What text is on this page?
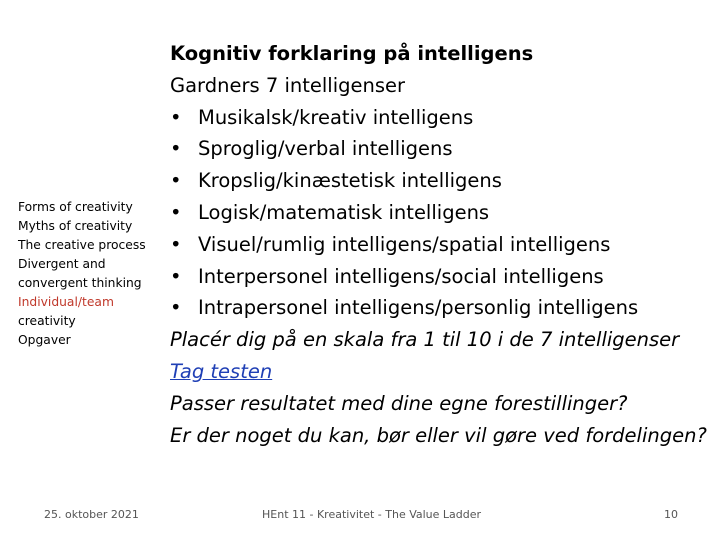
Forms of creativity
Myths of creativity
The creative process
Divergent and
convergent thinking
Individual/team
creativity
Opgaver
Kognitiv forklaring på intelligens
Gardners 7 intelligenser
• Musikalsk/kreativ intelligens
• Sproglig/verbal intelligens
• Kropslig/kinæstetisk intelligens
• Logisk/matematisk intelligens
• Visuel/rumlig intelligens/spatial intelligens
• Interpersonel intelligens/social intelligens
• Intrapersonel intelligens/personlig intelligens
Placér dig på en skala fra 1 til 10 i de 7 intelligenser
Tag testen
Passer resultatet med dine egne forestillinger?
Er der noget du kan, bør eller vil gøre ved fordelingen?
25. oktober 2021	HEnt 11 - Kreativitet - The Value Ladder	10
